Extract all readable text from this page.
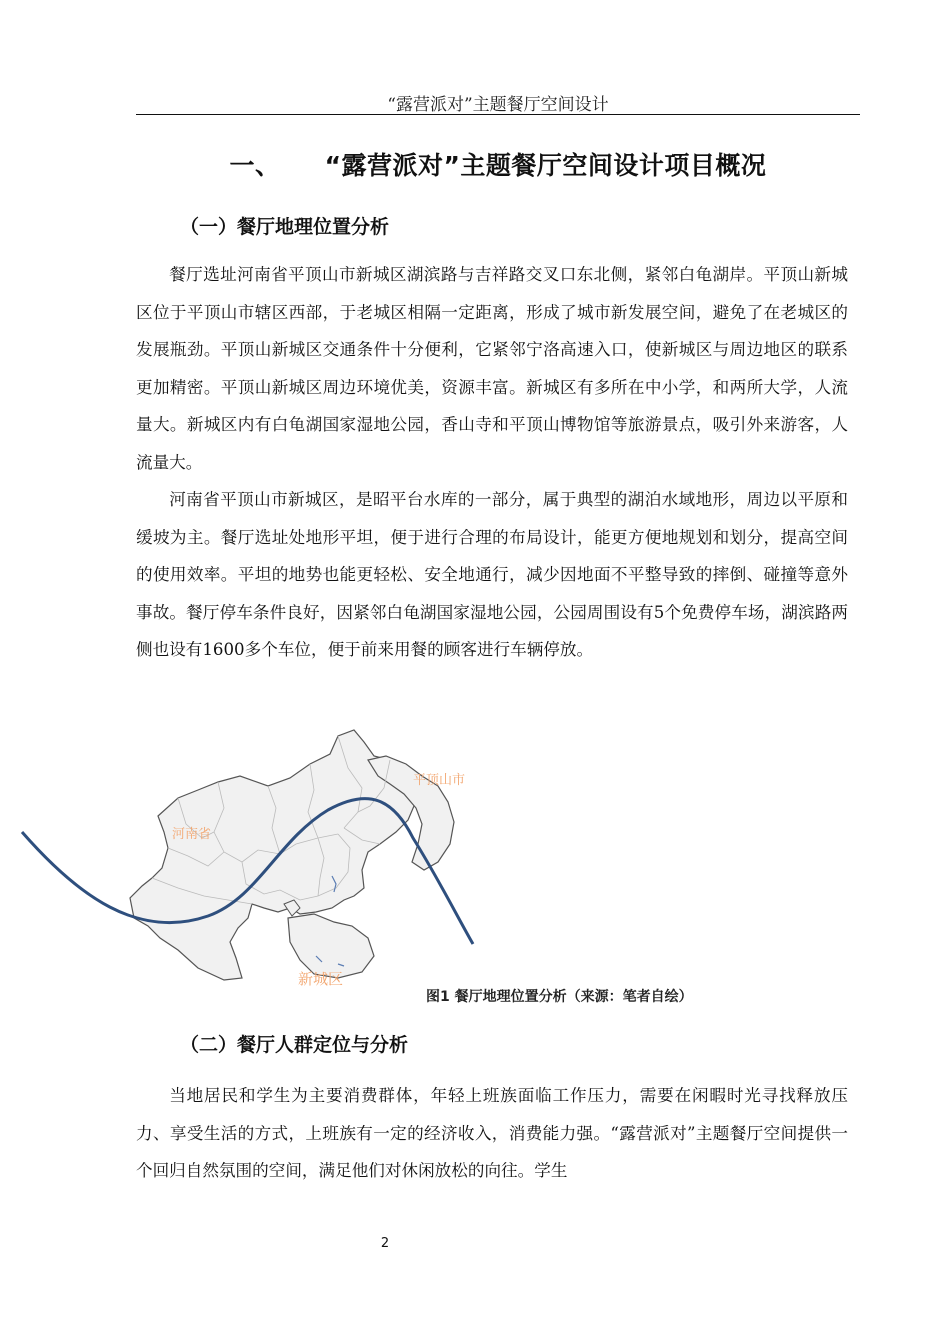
“露营派对”主题餐厅空间设计
一、 “露营派对”主题餐厅空间设计项目概况
（一）餐厅地理位置分析

餐厅选址河南省平顶山市新城区湖滨路与吉祥路交叉口东北侧，紧邻白龟湖岸。平顶山新城区位于平顶山市辖区西部，于老城区相隔一定距离，形成了城市新发展空间，避免了在老城区的发展瓶劲。平顶山新城区交通条件十分便利，它紧邻宁洛高速入口，使新城区与周边地区的联系更加精密。平顶山新城区周边环境优美，资源丰富。新城区有多所在中小学，和两所大学，人流量大。新城区内有白龟湖国家湿地公园，香山寺和平顶山博物馆等旅游景点，吸引外来游客，人流量大。

河南省平顶山市新城区，是昭平台水库的一部分，属于典型的湖泊水域地形，周边以平原和缓坡为主。餐厅选址处地形平坦，便于进行合理的布局设计，能更方便地规划和划分，提高空间的使用效率。平坦的地势也能更轻松、安全地通行，减少因地面不平整导致的摔倒、碰撞等意外事故。餐厅停车条件良好，因紧邻白龟湖国家湿地公园，公园周围设有5个免费停车场，湖滨路两侧也设有1600多个车位，便于前来用餐的顾客进行车辆停放。

平顶山市
河南省
新城区
图1 餐厅地理位置分析（来源：笔者自绘）
（二）餐厅人群定位与分析

当地居民和学生为主要消费群体，年轻上班族面临工作压力，需要在闲暇时光寻找释放压力、享受生活的方式，上班族有一定的经济收入，消费能力强。“露营派对”主题餐厅空间提供一个回归自然氛围的空间，满足他们对休闲放松的向往。学生

2
